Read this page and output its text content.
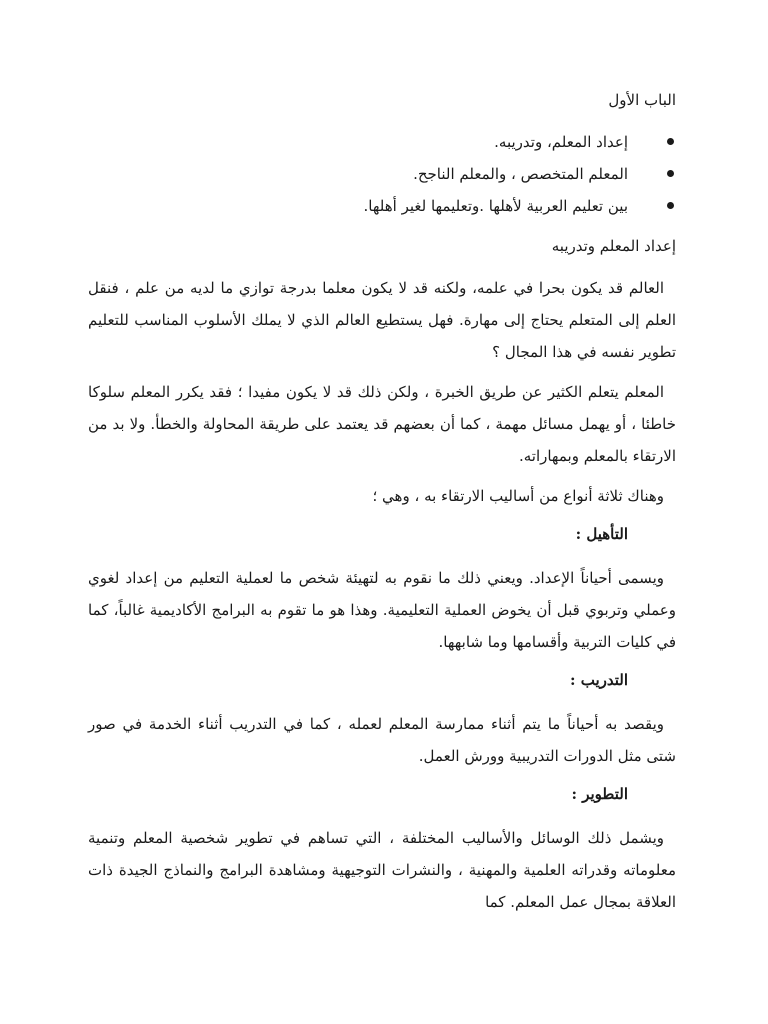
الباب الأول
إعداد المعلم، وتدريبه.
المعلم المتخصص ، والمعلم الناجح.
بين تعليم العربية لأهلها .وتعليمها لغير أهلها.
إعداد المعلم وتدريبه

العالم قد يكون بحرا في علمه، ولكنه قد لا يكون معلما بدرجة توازي ما لديه من علم ، فنقل العلم إلى المتعلم يحتاج إلى مهارة. فهل يستطيع العالم الذي لا يملك الأسلوب المناسب للتعليم تطوير نفسه في هذا المجال ؟

المعلم يتعلم الكثير عن طريق الخبرة ، ولكن ذلك قد لا يكون مفيدا ؛ فقد يكرر المعلم سلوكا خاطئا ، أو يهمل مسائل مهمة ، كما أن بعضهم قد يعتمد على طريقة المحاولة والخطأ. ولا بد من الارتقاء بالمعلم وبمهاراته.

وهناك ثلاثة أنواع من أساليب الارتقاء به ، وهي ؛

التأهيل :

ويسمى أحياناً الإعداد. ويعني ذلك ما نقوم به لتهيئة شخص ما لعملية التعليم من إعداد لغوي وعملي وتربوي قبل أن يخوض العملية التعليمية. وهذا هو ما تقوم به البرامج الأكاديمية غالباً، كما في كليات التربية وأقسامها وما شابهها.

التدريب :

ويقصد به أحياناً ما يتم أثناء ممارسة المعلم لعمله ، كما في التدريب أثناء الخدمة في صور شتى مثل الدورات التدريبية وورش العمل.

التطوير :

ويشمل ذلك الوسائل والأساليب المختلفة ، التي تساهم في تطوير شخصية المعلم وتنمية معلوماته وقدراته العلمية والمهنية ، والنشرات التوجيهية ومشاهدة البرامج والنماذج الجيدة ذات العلاقة بمجال عمل المعلم. كما
